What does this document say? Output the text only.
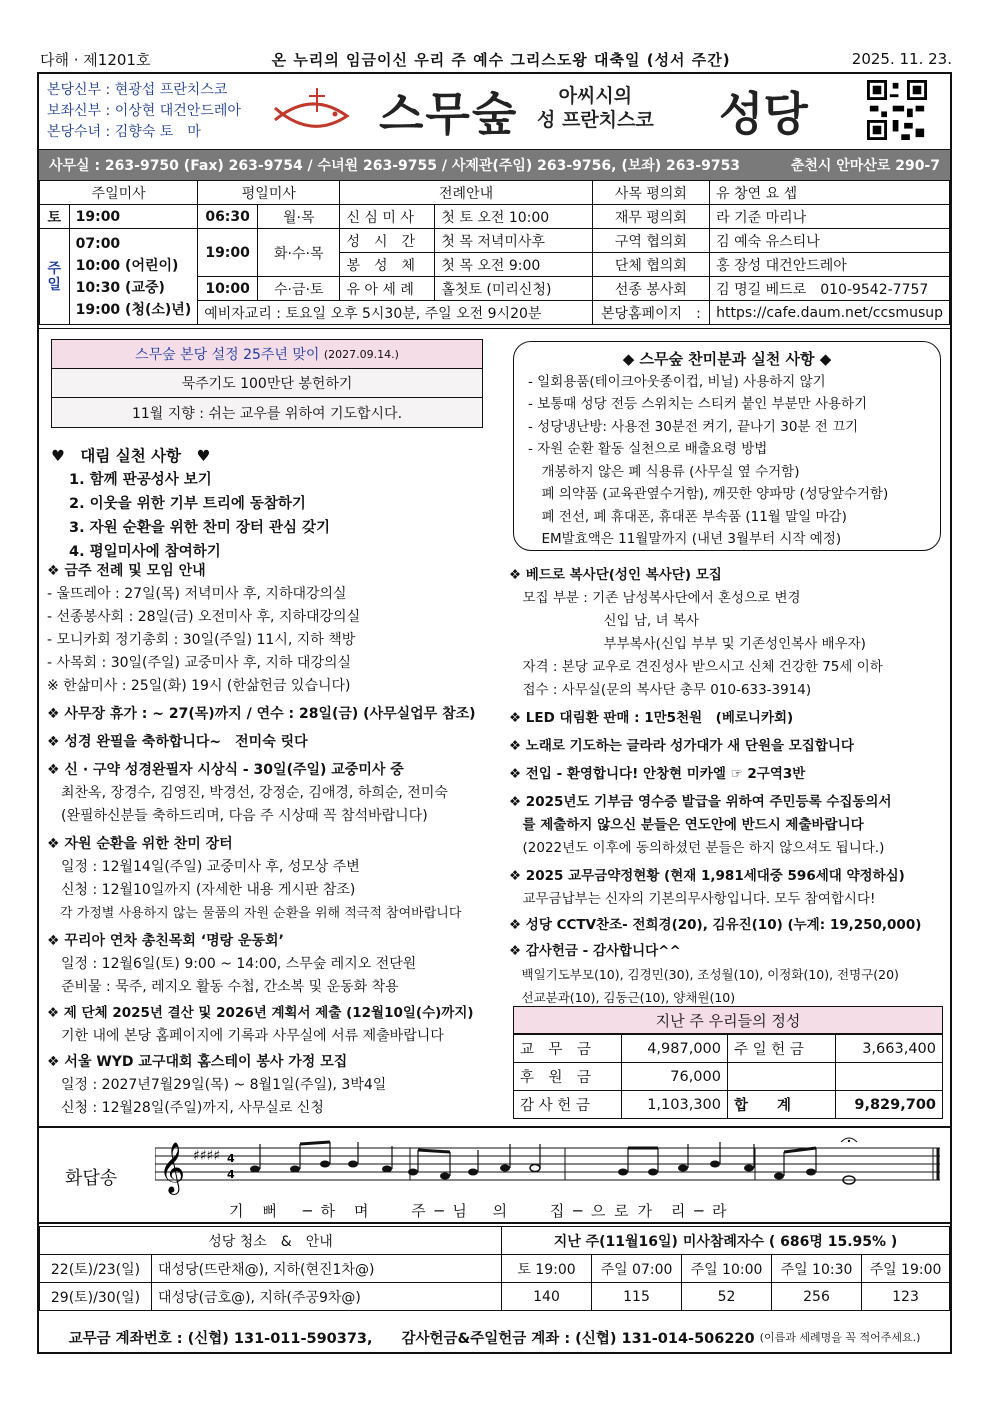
다해 · 제1201호	온 누리의 임금이신 우리 주 예수 그리스도왕 대축일 (성서 주간)	2025. 11. 23.
본당신부 : 현광섭 프란치스코
보좌신부 : 이상현 대건안드레아
본당수녀 : 김향숙 토　마	스무숲	아씨시의
성 프란치스코 성당
사무실 : 263-9750 (Fax) 263-9754 / 수녀원 263-9755 / 사제관(주임) 263-9756, (보좌) 263-9753	춘천시 안마산로 290-7
주일미사		평일미사		전례안내		사목 평의회	유 창연 요 셉
토	19:00	06:30	월·목	신 심 미 사	첫 토 오전 10:00	재무 평의회	라 기준 마리나
주일	07:00
10:00 (어린이)
10:30 (교중)
19:00 (청(소)년)	19:00	화·수·목	성　시　간	첫 목 저녁미사후	구역 협의회	김 예숙 유스티나
				봉　성　체	첫 목 오전 9:00	단체 협의회	홍 장성 대건안드레아
		10:00	수·금·토	유 아 세 례	홀첫토 (미리신청)	선종 봉사회	김 명길 베드로　010-9542-7757
		예비자교리 : 토요일 오후 5시30분, 주일 오전 9시20분				본당홈페이지　:	https://cafe.daum.net/ccsmusup
스무숲 본당 설정 25주년 맞이
(2027.09.14.)
묵주기도 100만단 봉헌하기
11월 지향 : 쉬는 교우를 위하여 기도합시다.
◆ 스무숲 찬미분과 실천 사항 ◆
- 일회용품(테이크아웃종이컵, 비닐) 사용하지 않기
- 보통때 성당 전등 스위치는 스티커 붙인 부분만 사용하기
- 성당냉난방: 사용전 30분전 켜기, 끝나기 30분 전 끄기
- 자원 순환 활동 실천으로 배출요령 방법
　개봉하지 않은 폐 식용류 (사무실 옆 수거함)
　폐 의약품 (교육관옆수거함), 깨끗한 양파망 (성당앞수거함)
　폐 전선, 폐 휴대폰, 휴대폰 부속품 (11월 말일 마감)
　EM발효액은 11월말까지 (내년 3월부터 시작 예정)
♥　대림 실천 사항　♥
1. 함께 판공성사 보기
2. 이웃을 위한 기부 트리에 동참하기
3. 자원 순환을 위한 찬미 장터 관심 갖기
4. 평일미사에 참여하기
❖ 금주 전례 및 모임 안내
- 울뜨레아 : 27일(목) 저녁미사 후, 지하대강의실
- 선종봉사회 : 28일(금) 오전미사 후, 지하대강의실
- 모니카회 정기총회 : 30일(주일) 11시, 지하 책방
- 사목회 : 30일(주일) 교중미사 후, 지하 대강의실
※ 한삶미사 : 25일(화) 19시 (한삶헌금 있습니다)
❖ 사무장 휴가 : ~ 27(목)까지 / 연수 : 28일(금) (사무실업무 참조)
❖ 성경 완필을 축하합니다~　전미숙 릿다
❖ 신 · 구약 성경완필자 시상식 - 30일(주일) 교중미사 중
　최찬옥, 장경수, 김영진, 박경선, 강정순, 김애경, 하희순, 전미숙
　(완필하신분들 축하드리며, 다음 주 시상때 꼭 참석바랍니다)
❖ 자원 순환을 위한 찬미 장터
　일정 : 12월14일(주일) 교중미사 후, 성모상 주변
　신청 : 12월10일까지 (자세한 내용 게시판 참조)
　각 가정별 사용하지 않는 물품의 자원 순환을 위해 적극적 참여바랍니다
❖ 꾸리아 연차 총친목회 ‘명랑 운동회’
　일정 : 12월6일(토) 9:00 ~ 14:00, 스무숲 레지오 전단원
　준비물 : 묵주, 레지오 활동 수첩, 간소복 및 운동화 착용
❖ 제 단체 2025년 결산 및 2026년 계획서 제출 (12월10일(수)까지)
　기한 내에 본당 홈페이지에 기록과 사무실에 서류 제출바랍니다
❖ 서울 WYD 교구대회 홈스테이 봉사 가정 모집
　일정 : 2027년7월29일(목) ~ 8월1일(주일), 3박4일
　신청 : 12월28일(주일)까지, 사무실로 신청
❖ 베드로 복사단(성인 복사단) 모집
　모집 부분 : 기존 남성복사단에서 혼성으로 변경
　　　　　　　신입 남, 녀 복사
　　　　　　　부부복사(신입 부부 및 기존성인복사 배우자)
　자격 : 본당 교우로 견진성사 받으시고 신체 건강한 75세 이하
　접수 : 사무실(문의 복사단 총무 010-633-3914)
❖ LED 대림환 판매 : 1만5천원　(베로니카회)
❖ 노래로 기도하는 글라라 성가대가 새 단원을 모집합니다
❖ 전입 - 환영합니다! 안창현 미카엘 ☞ 2구역3반
❖ 2025년도 기부금 영수증 발급을 위하여 주민등록 수집동의서
　를 제출하지 않으신 분들은 연도안에 반드시 제출바랍니다
　(2022년도 이후에 동의하셨던 분들은 하지 않으셔도 됩니다.)
❖ 2025 교무금약정현황 (현재 1,981세대중 596세대 약정하심)
　교무금납부는 신자의 기본의무사항입니다. 모두 참여합시다!
❖ 성당 CCTV찬조- 전희경(20), 김유진(10) (누계: 19,250,000)
❖ 감사헌금 - 감사합니다^^
　백일기도부모(10), 김경민(30), 조성월(10), 이정화(10), 전명구(20)
　선교분과(10), 김동근(10), 양채원(10)
지난 주 우리들의 정성
교　무　금	4,987,000	주 일 헌 금	3,663,400
후　원　금	76,000		
감 사 헌 금	1,103,300	합　　계	9,829,700
화답송 𝄞 ♯♯♯♯ 4
4
기　뻐　 ─ 하　며　　 주 ─ 님　 의　　 집 ─ 으 로 가　리 ─ 라
성당 청소　&　안내		지난 주(11월16일) 미사참례자수 ( 686명 15.95% )				
22(토)/23(일)	대성당(뜨란채@), 지하(현진1차@)	토 19:00	주일 07:00	주일 10:00	주일 10:30	주일 19:00
29(토)/30(일)	대성당(금호@), 지하(주공9차@)	140	115	52	256	123
교무금 계좌번호 : (신협) 131-011-590373,　　감사헌금&주일헌금 계좌 : (신협) 131-014-506220
(이름과 세례명을 꼭 적어주세요.)
